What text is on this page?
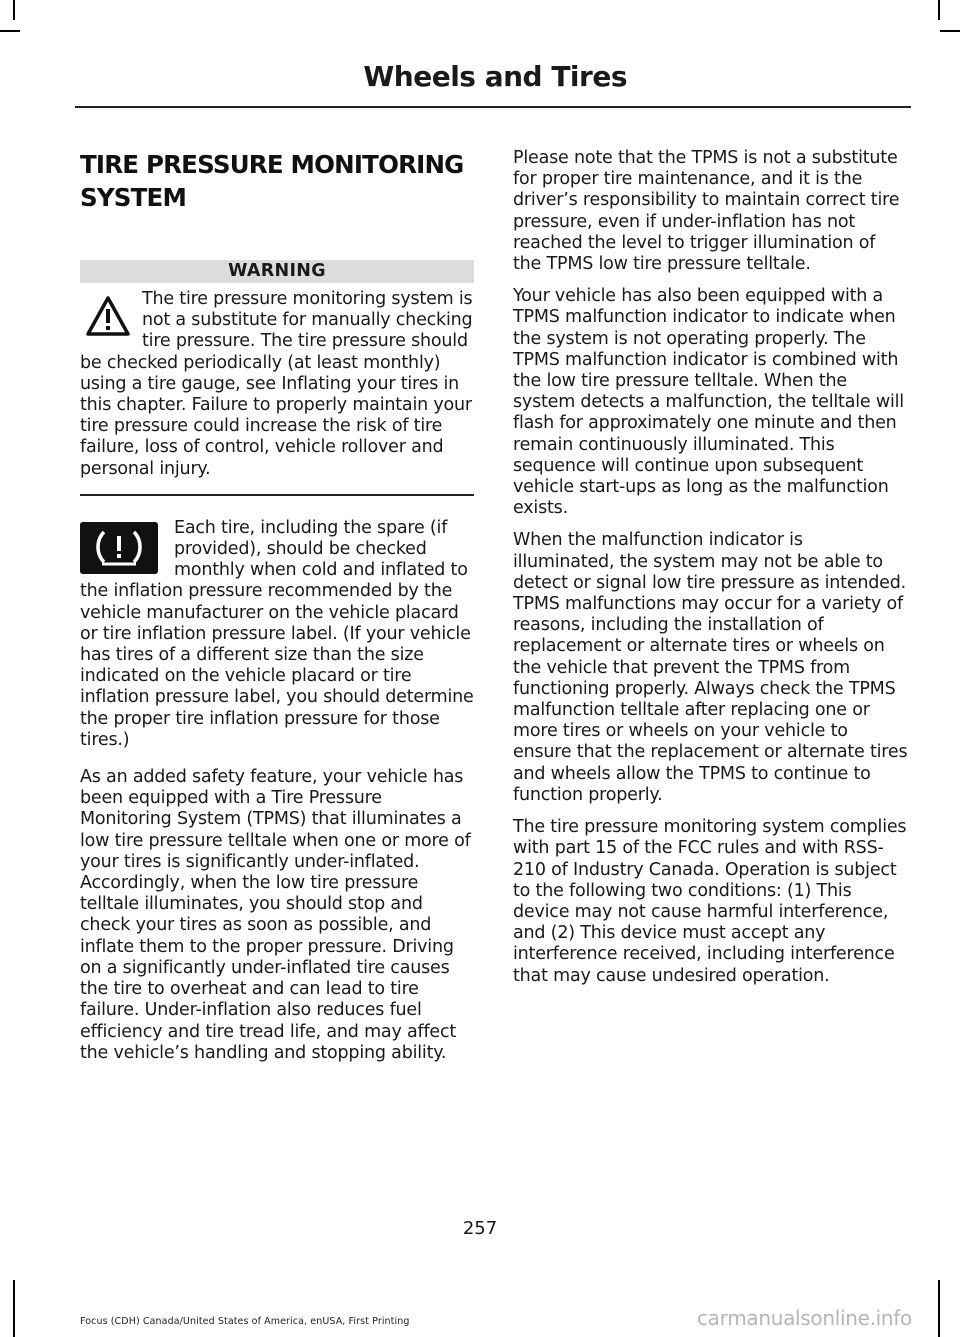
Wheels and Tires
TIRE PRESSURE MONITORING SYSTEM
WARNING

The tire pressure monitoring system is not a substitute for manually checking tire pressure. The tire pressure should be checked periodically (at least monthly) using a tire gauge, see Inflating your tires in this chapter. Failure to properly maintain your tire pressure could increase the risk of tire failure, loss of control, vehicle rollover and personal injury.

Each tire, including the spare (if provided), should be checked monthly when cold and inflated to the inflation pressure recommended by the vehicle manufacturer on the vehicle placard or tire inflation pressure label. (If your vehicle has tires of a different size than the size indicated on the vehicle placard or tire inflation pressure label, you should determine the proper tire inflation pressure for those tires.)

As an added safety feature, your vehicle has been equipped with a Tire Pressure Monitoring System (TPMS) that illuminates a low tire pressure telltale when one or more of your tires is significantly under-inflated. Accordingly, when the low tire pressure telltale illuminates, you should stop and check your tires as soon as possible, and inflate them to the proper pressure. Driving on a significantly under-inflated tire causes the tire to overheat and can lead to tire failure. Under-inflation also reduces fuel efficiency and tire tread life, and may affect the vehicle’s handling and stopping ability.

Please note that the TPMS is not a substitute for proper tire maintenance, and it is the driver’s responsibility to maintain correct tire pressure, even if under-inflation has not reached the level to trigger illumination of the TPMS low tire pressure telltale.

Your vehicle has also been equipped with a TPMS malfunction indicator to indicate when the system is not operating properly. The TPMS malfunction indicator is combined with the low tire pressure telltale. When the system detects a malfunction, the telltale will flash for approximately one minute and then remain continuously illuminated. This sequence will continue upon subsequent vehicle start-ups as long as the malfunction exists.

When the malfunction indicator is illuminated, the system may not be able to detect or signal low tire pressure as intended. TPMS malfunctions may occur for a variety of reasons, including the installation of replacement or alternate tires or wheels on the vehicle that prevent the TPMS from functioning properly. Always check the TPMS malfunction telltale after replacing one or more tires or wheels on your vehicle to ensure that the replacement or alternate tires and wheels allow the TPMS to continue to function properly.

The tire pressure monitoring system complies with part 15 of the FCC rules and with RSS-210 of Industry Canada. Operation is subject to the following two conditions: (1) This device may not cause harmful interference, and (2) This device must accept any interference received, including interference that may cause undesired operation.

257
Focus (CDH) Canada/United States of America, enUSA, First Printing	carmanualsonline.info
